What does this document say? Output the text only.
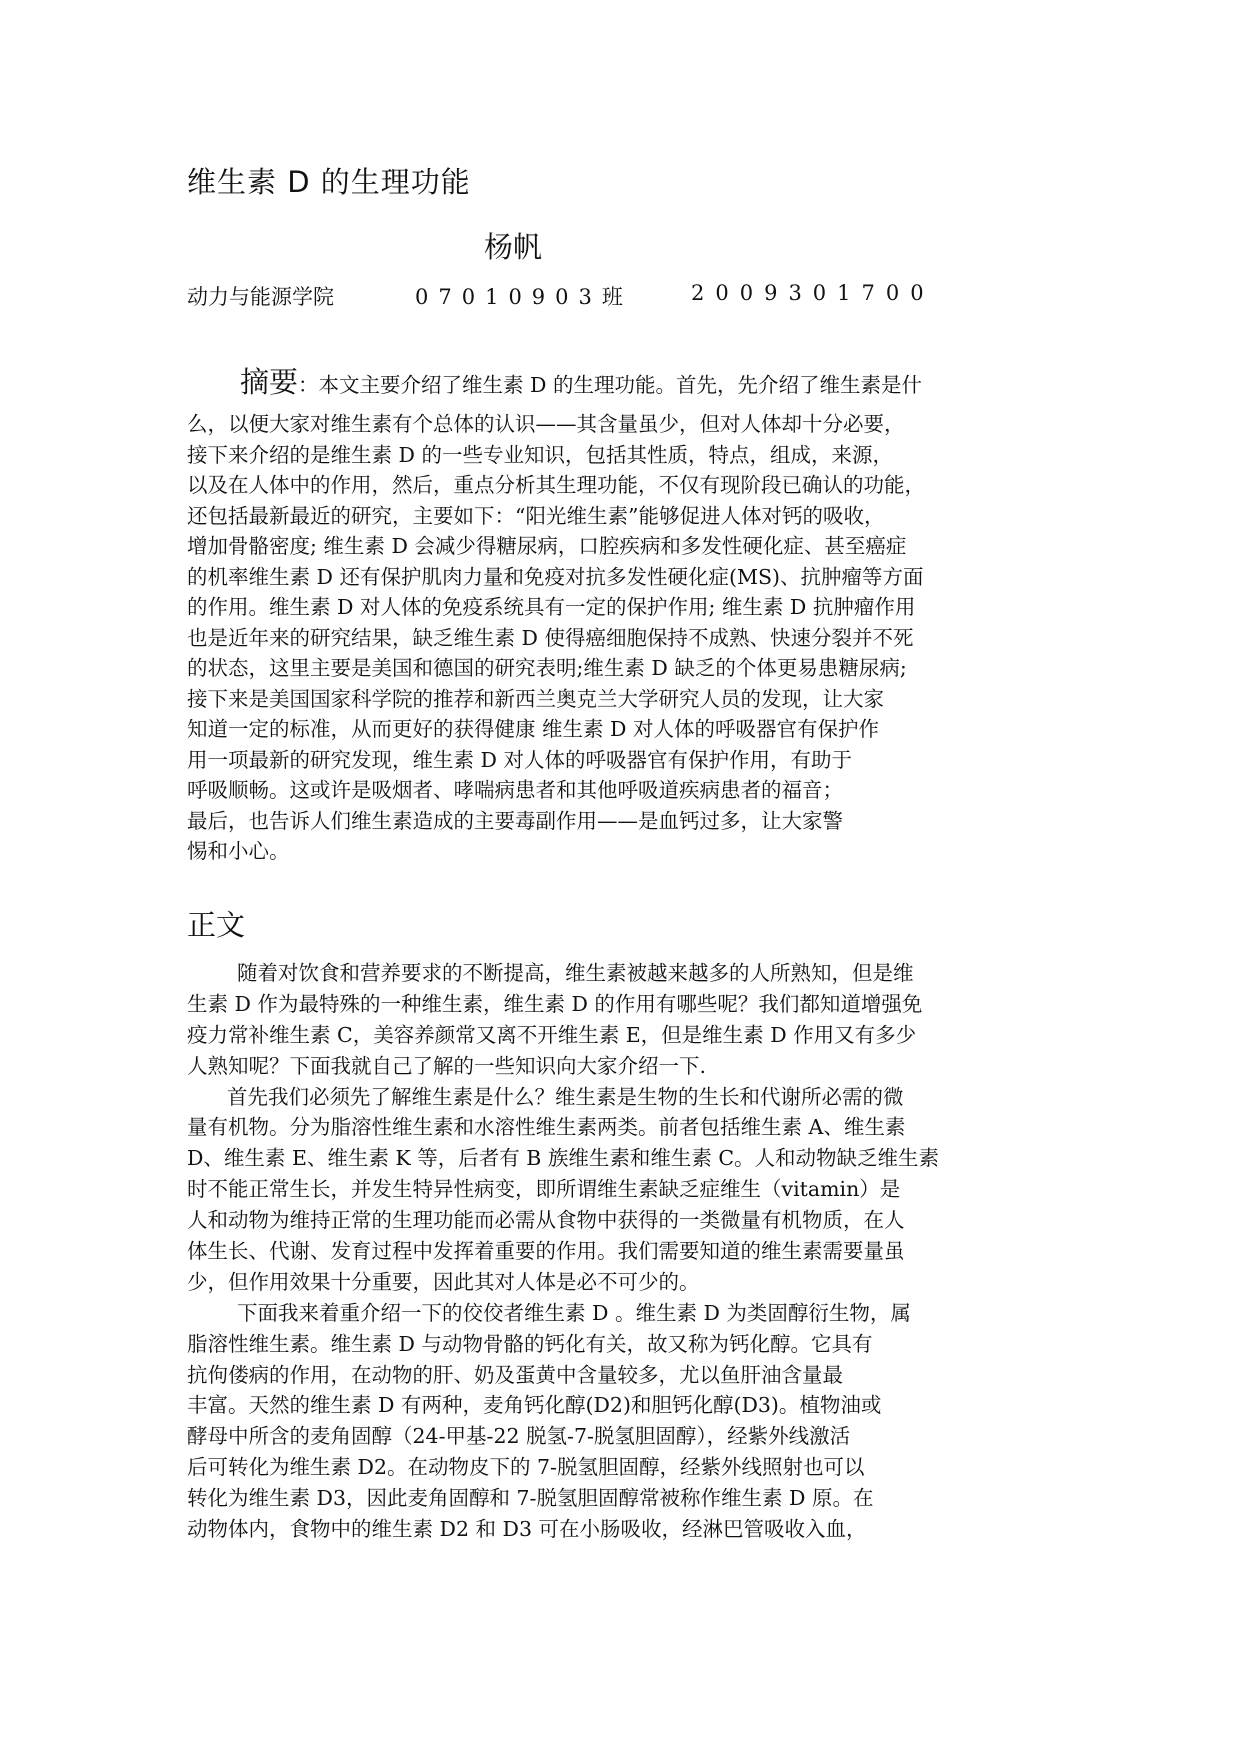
维生素 D 的生理功能
杨帆
动力与能源学院	07010903班	2009301700
摘要：本文主要介绍了维生素 D 的生理功能。首先，先介绍了维生素是什
么，以便大家对维生素有个总体的认识——其含量虽少，但对人体却十分必要，
接下来介绍的是维生素 D 的一些专业知识，包括其性质，特点，组成，来源，
以及在人体中的作用，然后，重点分析其生理功能，不仅有现阶段已确认的功能，
还包括最新最近的研究，主要如下：“阳光维生素”能够促进人体对钙的吸收，
增加骨骼密度; 维生素 D 会减少得糖尿病，口腔疾病和多发性硬化症、甚至癌症
的机率维生素 D 还有保护肌肉力量和免疫对抗多发性硬化症(MS)、抗肿瘤等方面
的作用。维生素 D 对人体的免疫系统具有一定的保护作用; 维生素 D 抗肿瘤作用
也是近年来的研究结果，缺乏维生素 D 使得癌细胞保持不成熟、快速分裂并不死
的状态，这里主要是美国和德国的研究表明;维生素 D 缺乏的个体更易患糖尿病;
接下来是美国国家科学院的推荐和新西兰奥克兰大学研究人员的发现，让大家
知道一定的标准，从而更好的获得健康 维生素 D 对人体的呼吸器官有保护作
用一项最新的研究发现，维生素 D 对人体的呼吸器官有保护作用，有助于
呼吸顺畅。这或许是吸烟者、哮喘病患者和其他呼吸道疾病患者的福音；
最后，也告诉人们维生素造成的主要毒副作用——是血钙过多，让大家警
惕和小心。
正文
随着对饮食和营养要求的不断提高，维生素被越来越多的人所熟知，但是维
生素 D 作为最特殊的一种维生素，维生素 D 的作用有哪些呢？我们都知道增强免
疫力常补维生素 C，美容养颜常又离不开维生素 E，但是维生素 D 作用又有多少
人熟知呢？下面我就自己了解的一些知识向大家介绍一下.
首先我们必须先了解维生素是什么？维生素是生物的生长和代谢所必需的微
量有机物。分为脂溶性维生素和水溶性维生素两类。前者包括维生素 A、维生素
D、维生素 E、维生素 K 等，后者有 B 族维生素和维生素 C。人和动物缺乏维生素
时不能正常生长，并发生特异性病变，即所谓维生素缺乏症维生（vitamin）是
人和动物为维持正常的生理功能而必需从食物中获得的一类微量有机物质，在人
体生长、代谢、发育过程中发挥着重要的作用。我们需要知道的维生素需要量虽
少，但作用效果十分重要，因此其对人体是必不可少的。
下面我来着重介绍一下的佼佼者维生素 D 。维生素 D 为类固醇衍生物，属
脂溶性维生素。维生素 D 与动物骨骼的钙化有关，故又称为钙化醇。它具有
抗佝偻病的作用，在动物的肝、奶及蛋黄中含量较多，尤以鱼肝油含量最
丰富。天然的维生素 D 有两种，麦角钙化醇(D2)和胆钙化醇(D3)。植物油或
酵母中所含的麦角固醇（24-甲基-22 脱氢-7-脱氢胆固醇），经紫外线激活
后可转化为维生素 D2。在动物皮下的 7-脱氢胆固醇，经紫外线照射也可以
转化为维生素 D3，因此麦角固醇和 7-脱氢胆固醇常被称作维生素 D 原。在
动物体内，食物中的维生素 D2 和 D3 可在小肠吸收，经淋巴管吸收入血，
